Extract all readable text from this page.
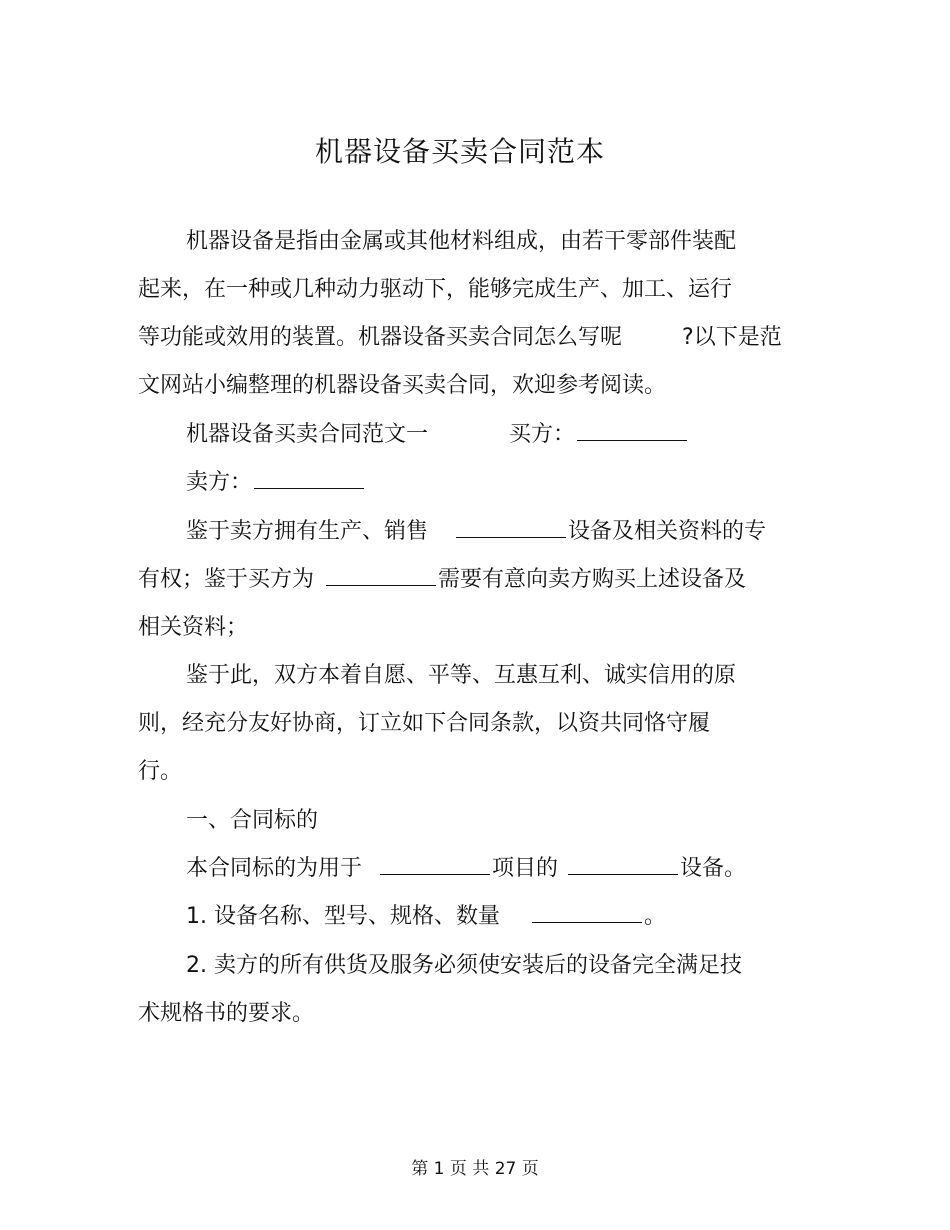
机器设备买卖合同范本
机器设备是指由金属或其他材料组成，由若干零部件装配
起来，在一种或几种动力驱动下，能够完成生产、加工、运行
等功能或效用的装置。机器设备买卖合同怎么写呢	?以下是范
文网站小编整理的机器设备买卖合同，欢迎参考阅读。
机器设备买卖合同范文一	买方：
卖方：
鉴于卖方拥有生产、销售	设备及相关资料的专
有权；鉴于买方为	需要有意向卖方购买上述设备及
相关资料；
鉴于此，双方本着自愿、平等、互惠互利、诚实信用的原
则，经充分友好协商，订立如下合同条款，以资共同恪守履
行。
一、合同标的
本合同标的为用于	项目的	设备。
1. 设备名称、型号、规格、数量	。
2. 卖方的所有供货及服务必须使安装后的设备完全满足技
术规格书的要求。
第 1 页 共 27 页
